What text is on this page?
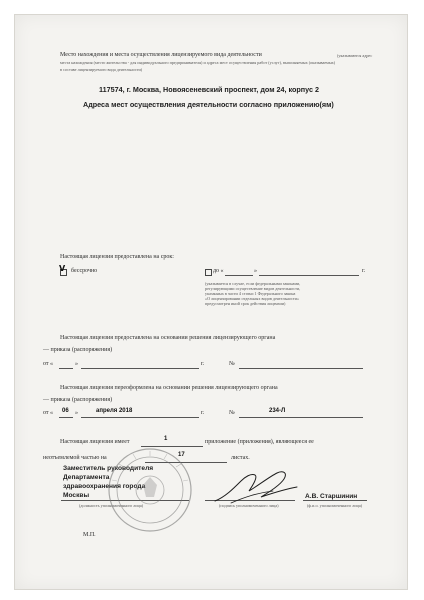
Место нахождения и места осуществления лицензируемого вида деятельности	(указываются адрес
места нахождения (место жительства - для индивидуального предпринимателя) и адреса мест осуществления работ (услуг), выполняемых (оказываемых)
в составе лицензируемого вида деятельности)
117574, г. Москва, Новоясеневский проспект, дом 24, корпус 2
Адреса мест осуществления деятельности согласно приложению(ям)
Настоящая лицензия предоставлена на срок:
V бессрочно	до «	»	г.
(указывается в случае, если федеральными законами,
регулирующими осуществление видов деятельности,
указанных в части 4 статьи 1 Федерального закона
«О лицензировании отдельных видов деятельности»
предусмотрен иной срок действия лицензии)
Настоящая лицензия предоставлена на основании решения лицензирующего органа
— приказа (распоряжения)
от «	»	г.	№
Настоящая лицензия переоформлена на основании решения лицензирующего органа
— приказа (распоряжения)
от « 06 »	апреля 2018	г.	№	234-Л
Настоящая лицензия имеет	1	приложение (приложения), являющееся ее
неотъемлемой частью на	17	листах.
Заместитель руководителя
Департамента
здравоохранения города
Москвы
(должность уполномоченного лица)	(подпись уполномоченного лица)
А.В. Старшинин
(ф.и.о. уполномоченного лица)
М.П.
